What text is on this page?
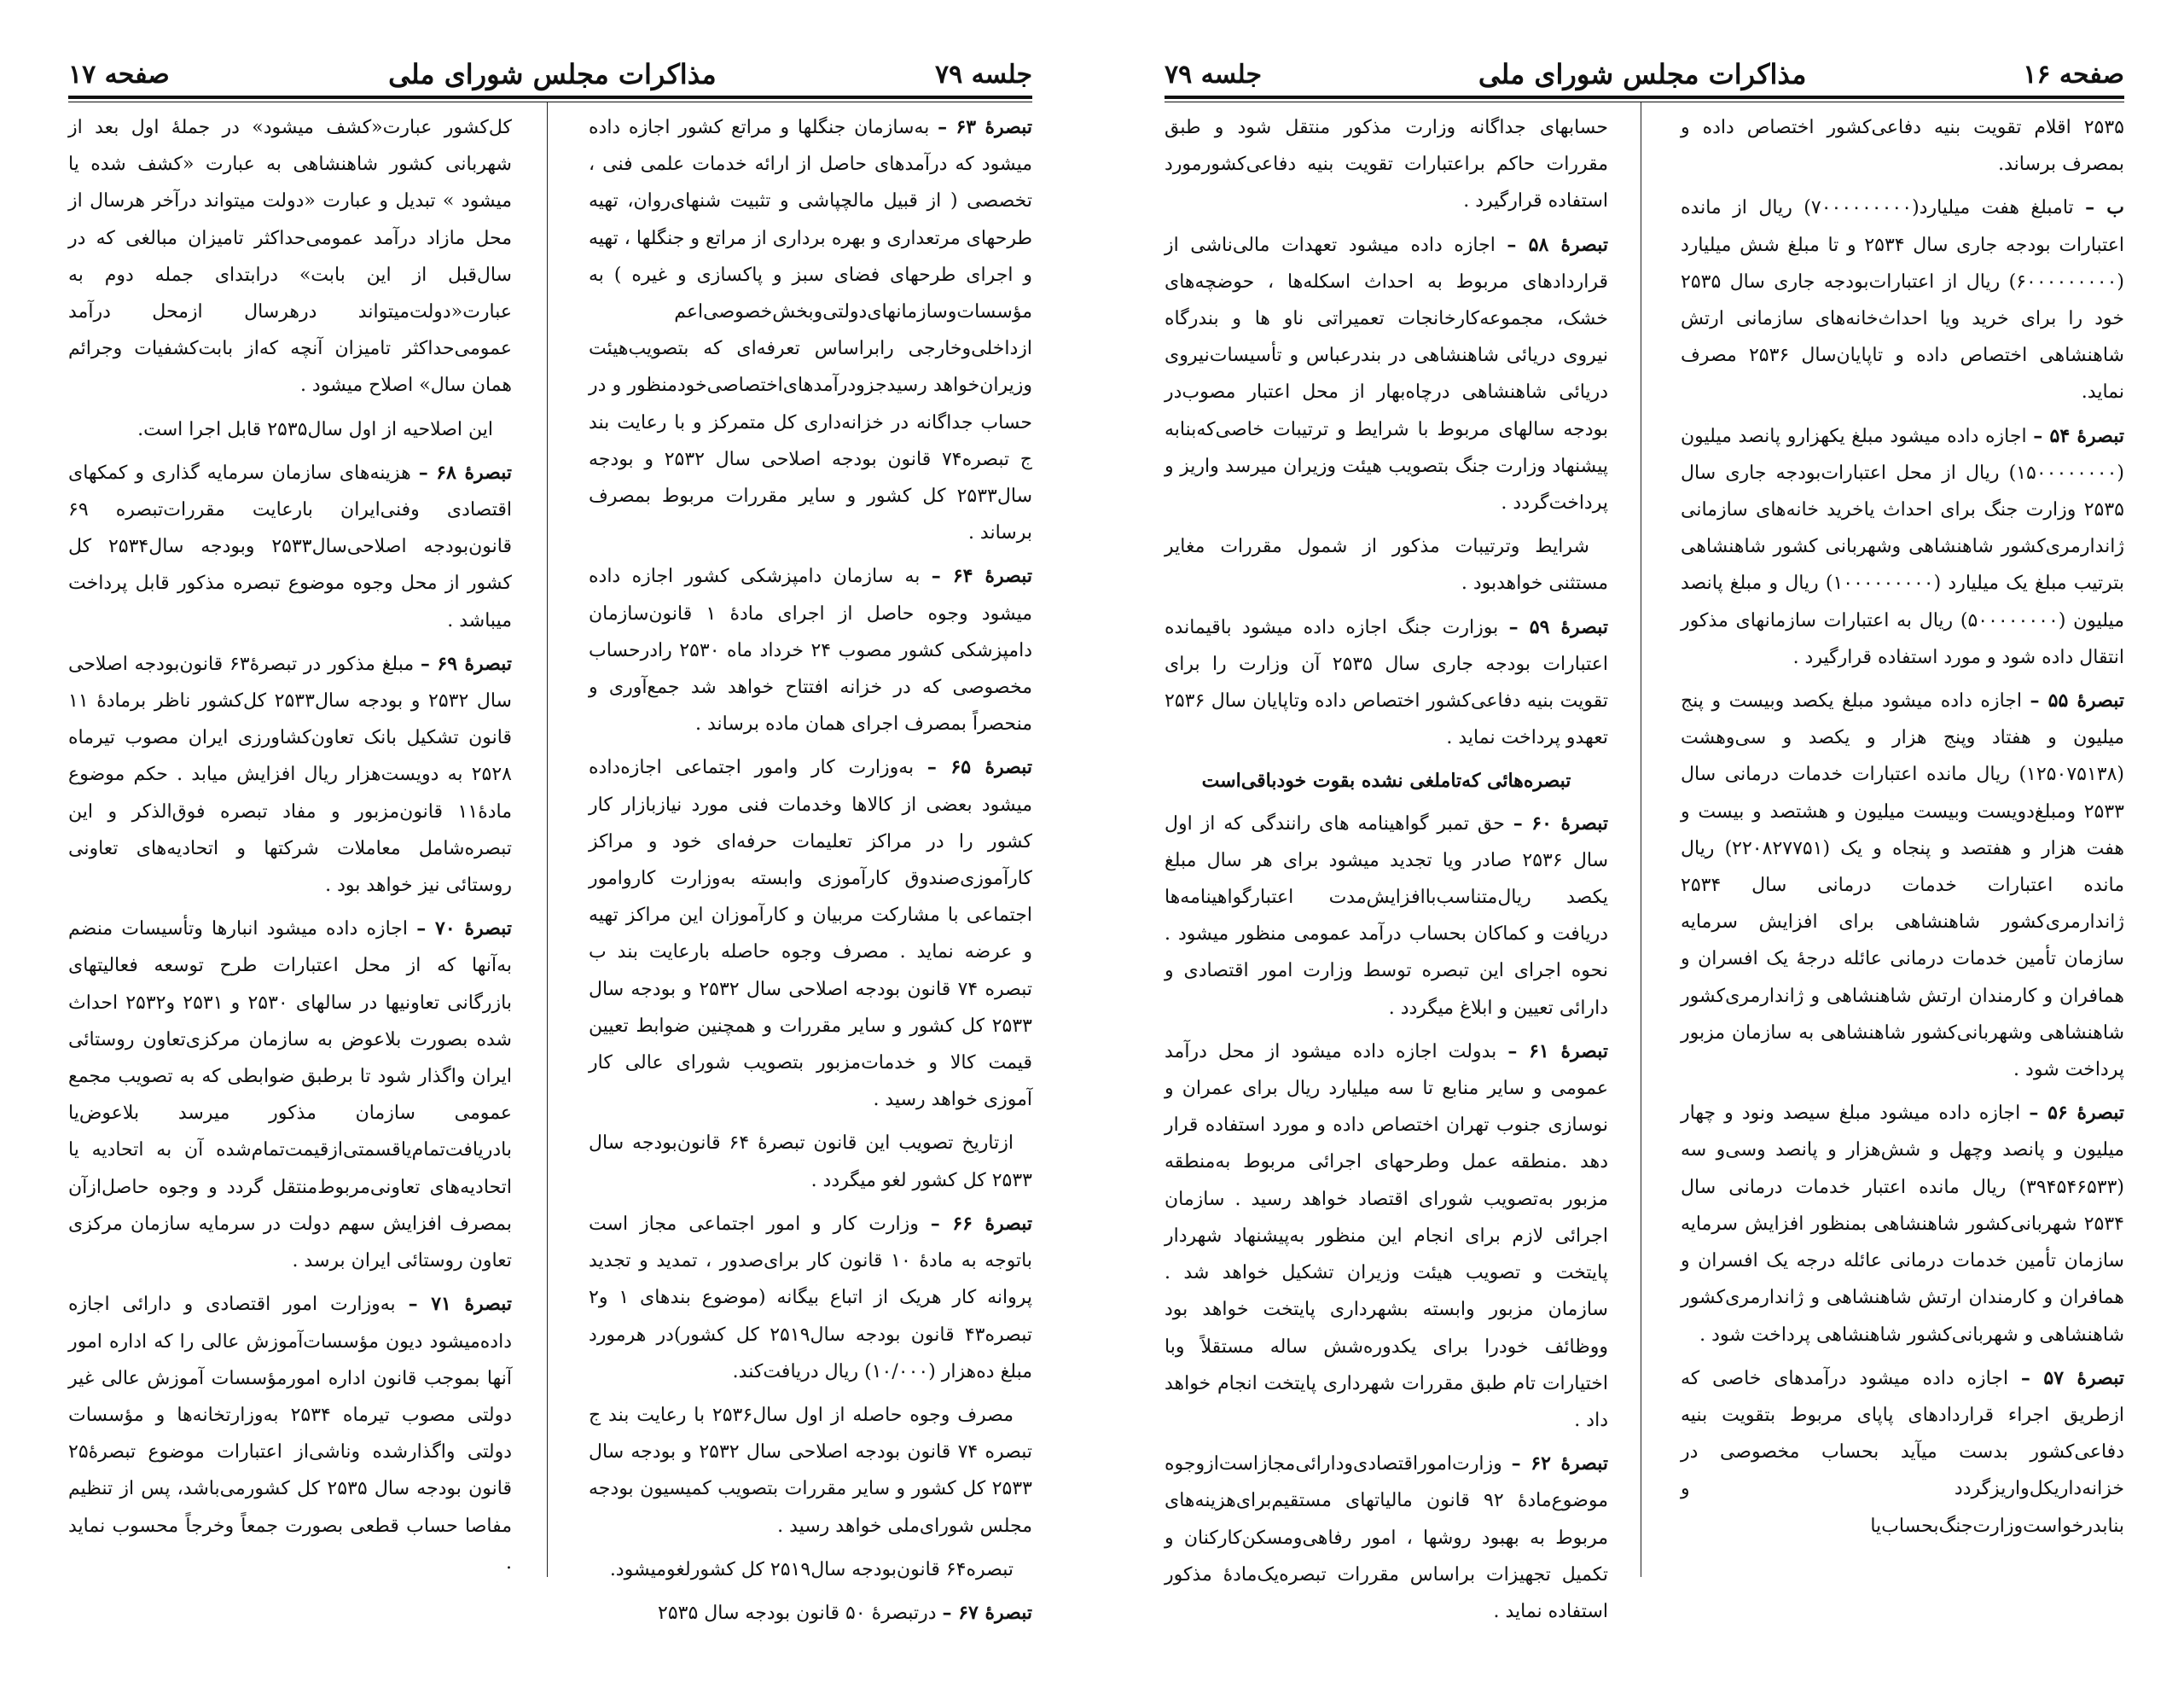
جلسه ۷۹
مذاکرات مجلس شورای ملی
صفحه ۱۷

تبصرهٔ ۶۳ – به‌سازمان جنگلها و مراتع کشور اجازه داده میشود که درآمدهای حاصل از ارائه خدمات علمی فنی ، تخصصی ( از قبیل مالچپاشی و تثبیت شنهای‌روان، تهیه طرحهای مرتعداری و بهره برداری از مراتع و جنگلها ، تهیه و اجرای طرحهای فضای سبز و پاکسازی و غیره ) به مؤسسات‌وسازمانهای‌دولتی‌وبخش‌خصوصی‌اعم ازداخلی‌وخارجی رابراساس تعرفه‌ای که بتصویب‌هیئت وزیران‌خواهد رسیدجزودرآمدهای‌اختصاصی‌خودمنظور و در حساب جداگانه در خزانه‌داری کل متمرکز و با رعایت بند ج تبصره۷۴ قانون بودجه اصلاحی سال ۲۵۳۲ و بودجه سال۲۵۳۳ کل کشور و سایر مقررات مربوط بمصرف برساند .

تبصرهٔ ۶۴ – به سازمان دامپزشکی کشور اجازه داده میشود وجوه حاصل از اجرای مادهٔ ۱ قانون‌سازمان دامپزشکی کشور مصوب ۲۴ خرداد ماه ۲۵۳۰ رادرحساب مخصوصی که در خزانه افتتاح خواهد شد جمع‌آوری و منحصراً بمصرف اجرای همان ماده برساند .

تبصرهٔ ۶۵ – به‌وزارت کار وامور اجتماعی اجازه‌داده میشود بعضی از کالاها وخدمات فنی مورد نیازبازار کار کشور را در مراکز تعلیمات حرفه‌ای خود و مراکز کارآموزی‌صندوق کارآموزی وابسته به‌وزارت کاروامور اجتماعی با مشارکت مربیان و کارآموزان این مراکز تهیه و عرضه نماید . مصرف وجوه حاصله بارعایت بند ب تبصره ۷۴ قانون بودجه اصلاحی سال ۲۵۳۲ و بودجه سال ۲۵۳۳ کل کشور و سایر مقررات و همچنین ضوابط تعیین قیمت کالا و خدمات‌مزبور بتصویب شورای عالی کار آموزی خواهد رسید .

ازتاریخ تصویب این قانون تبصرهٔ ۶۴ قانون‌بودجه سال ۲۵۳۳ کل کشور لغو میگردد .

تبصرهٔ ۶۶ – وزارت کار و امور اجتماعی مجاز است باتوجه به مادهٔ ۱۰ قانون کار برای‌صدور ، تمدید و تجدید پروانه کار هریک از اتباع بیگانه (موضوع بندهای ۱ و۲ تبصره۴۳ قانون بودجه سال۲۵۱۹ کل کشور)در هرمورد مبلغ ده‌هزار (۱۰/۰۰۰) ریال دریافت‌کند.

مصرف وجوه حاصله از اول سال۲۵۳۶ با رعایت بند ج تبصره ۷۴ قانون بودجه اصلاحی سال ۲۵۳۲ و بودجه سال ۲۵۳۳ کل کشور و سایر مقررات بتصویب کمیسیون بودجه مجلس شورای‌ملی خواهد رسید .

تبصره۶۴ قانون‌بودجه سال۲۵۱۹ کل کشورلغومیشود.

تبصرهٔ ۶۷ – درتبصرهٔ ۵۰ قانون بودجه سال ۲۵۳۵

کل‌کشور عبارت«کشف میشود» در جملهٔ اول بعد از شهربانی کشور شاهنشاهی به عبارت «کشف شده یا میشود » تبدیل و عبارت «دولت میتواند درآخر هرسال از محل مازاد درآمد عمومی‌حداکثر تامیزان مبالغی که در سال‌قبل از این بابت» درابتدای جمله دوم به عبارت«دولت‌میتواند درهرسال ازمحل درآمد عمومی‌حداکثر تامیزان آنچه که‌از بابت‌کشفیات وجرائم همان سال» اصلاح میشود .

این اصلاحیه از اول سال۲۵۳۵ قابل اجرا است.

تبصرهٔ ۶۸ – هزینه‌های سازمان سرمایه گذاری و کمکهای اقتصادی وفنی‌ایران بارعایت مقررات‌تبصره ۶۹ قانون‌بودجه اصلاحی‌سال۲۵۳۳ وبودجه سال۲۵۳۴ کل کشور از محل وجوه موضوع تبصره مذکور قابل پرداخت میباشد .

تبصرهٔ ۶۹ – مبلغ مذکور در تبصرهٔ۶۳ قانون‌بودجه اصلاحی سال ۲۵۳۲ و بودجه سال۲۵۳۳ کل‌کشور ناظر برمادهٔ ۱۱ قانون تشکیل بانک تعاون‌کشاورزی ایران مصوب تیرماه ۲۵۲۸ به دویست‌هزار ریال افزایش میابد . حکم موضوع مادهٔ۱۱ قانون‌مزبور و مفاد تبصره فوق‌الذکر و این تبصره‌شامل معاملات شرکتها و اتحادیه‌های تعاونی روستائی نیز خواهد بود .

تبصرهٔ ۷۰ – اجازه داده میشود انبارها وتأسیسات منضم به‌آنها که از محل اعتبارات طرح توسعه فعالیتهای بازرگانی تعاونیها در سالهای ۲۵۳۰ و ۲۵۳۱ و۲۵۳۲ احداث شده بصورت بلاعوض به سازمان مرکزی‌تعاون روستائی ایران واگذار شود تا برطبق ضوابطی که به تصویب مجمع عمومی سازمان مذکور میرسد بلاعوض‌یا بادریافت‌تمام‌یاقسمتی‌ازقیمت‌تمام‌شده آن به اتحادیه یا اتحادیه‌های تعاونی‌مربوط‌منتقل گردد و وجوه حاصل‌ازآن بمصرف افزایش سهم دولت در سرمایه سازمان مرکزی تعاون روستائی ایران برسد .

تبصرهٔ ۷۱ – به‌وزارت امور اقتصادی و دارائی اجازه داده‌میشود دیون مؤسسات‌آموزش عالی را که اداره امور آنها بموجب قانون اداره امورمؤسسات آموزش عالی غیر دولتی مصوب تیرماه ۲۵۳۴ به‌وزارتخانه‌ها و مؤسسات دولتی واگذارشده وناشی‌از اعتبارات موضوع تبصرهٔ۲۵ قانون بودجه سال ۲۵۳۵ کل کشورمی‌باشد، پس از تنظیم مفاصا حساب قطعی بصورت جمعاً وخرجاً محسوب نماید .

صفحه ۱۶
مذاکرات مجلس شورای ملی
جلسه ۷۹

۲۵۳۵ اقلام تقویت بنیه دفاعی‌کشور اختصاص داده و بمصرف برساند.

ب – تامبلغ هفت میلیارد(۷۰۰۰۰۰۰۰۰۰) ریال از مانده اعتبارات بودجه جاری سال ۲۵۳۴ و تا مبلغ شش میلیارد (۶۰۰۰۰۰۰۰۰۰) ریال از اعتبارات‌بودجه جاری سال ۲۵۳۵ خود را برای خرید ویا احداث‌خانه‌های سازمانی ارتش شاهنشاهی اختصاص داده و تاپایان‌سال ۲۵۳۶ مصرف نماید.

تبصرهٔ ۵۴ – اجازه داده میشود مبلغ یکهزارو پانصد میلیون (۱۵۰۰۰۰۰۰۰۰) ریال از محل اعتبارات‌بودجه جاری سال ۲۵۳۵ وزارت جنگ برای احداث یاخرید خانه‌های سازمانی ژاندارمری‌کشور شاهنشاهی وشهربانی کشور شاهنشاهی بترتیب مبلغ یک میلیارد (۱۰۰۰۰۰۰۰۰۰) ریال و مبلغ پانصد میلیون (۵۰۰۰۰۰۰۰۰) ریال به اعتبارات سازمانهای مذکور انتقال داده شود و مورد استفاده قرارگیرد .

تبصرهٔ ۵۵ – اجازه داده میشود مبلغ یکصد وبیست و پنج میلیون و هفتاد وپنج هزار و یکصد و سی‌وهشت (۱۲۵۰۷۵۱۳۸) ریال مانده اعتبارات خدمات درمانی سال ۲۵۳۳ ومبلغ‌دویست وبیست میلیون و هشتصد و بیست و هفت هزار و هفتصد و پنجاه و یک (۲۲۰۸۲۷۷۵۱) ریال مانده اعتبارات خدمات درمانی سال ۲۵۳۴ ژاندارمری‌کشور شاهنشاهی برای افزایش سرمایه سازمان تأمین خدمات درمانی عائله درجهٔ یک افسران و همافران و کارمندان ارتش شاهنشاهی و ژاندارمری‌کشور شاهنشاهی وشهربانی‌کشور شاهنشاهی به سازمان مزبور پرداخت شود .

تبصرهٔ ۵۶ – اجازه داده میشود مبلغ سیصد ونود و چهار میلیون و پانصد وچهل و شش‌هزار و پانصد وسی‌و سه (۳۹۴۵۴۶۵۳۳) ریال مانده اعتبار خدمات درمانی سال ۲۵۳۴ شهربانی‌کشور شاهنشاهی بمنظور افزایش سرمایه سازمان تأمین خدمات درمانی عائله درجه یک افسران و همافران و کارمندان ارتش شاهنشاهی و ژاندارمری‌کشور شاهنشاهی و شهربانی‌کشور شاهنشاهی پرداخت شود .

تبصرهٔ ۵۷ – اجازه داده میشود درآمدهای خاصی که ازطریق اجراء قراردادهای پاپای مربوط بتقویت بنیه دفاعی‌کشور بدست میآید بحساب مخصوصی در خزانه‌داریکل‌واریزگردد و بنابدرخواست‌وزارت‌جنگ‌بحساب‌یا

حسابهای جداگانه وزارت مذکور منتقل شود و طبق مقررات حاکم براعتبارات تقویت بنیه دفاعی‌کشورمورد استفاده قرارگیرد .

تبصرهٔ ۵۸ – اجازه داده میشود تعهدات مالی‌ناشی از قراردادهای مربوط به احداث اسکله‌ها ، حوضچه‌های خشک، مجموعه‌کارخانجات تعمیراتی ناو ها و بندرگاه نیروی دریائی شاهنشاهی در بندرعباس و تأسیسات‌نیروی دریائی شاهنشاهی درچاه‌بهار از محل اعتبار مصوب‌در بودجه سالهای مربوط با شرایط و ترتیبات خاصی‌که‌بنابه پیشنهاد وزارت جنگ بتصویب هیئت وزیران میرسد واریز و پرداخت‌گردد .

شرایط وترتیبات مذکور از شمول مقررات مغایر مستثنی خواهدبود .

تبصرهٔ ۵۹ – بوزارت جنگ اجازه داده میشود باقیمانده اعتبارات بودجه جاری سال ۲۵۳۵ آن وزارت را برای تقویت بنیه دفاعی‌کشور اختصاص داده وتاپایان سال ۲۵۳۶ تعهدو پرداخت نماید .

تبصره‌هائی که‌تاملغی نشده بقوت خودباقی‌است

تبصرهٔ ۶۰ – حق تمبر گواهینامه های رانندگی که از اول سال ۲۵۳۶ صادر ویا تجدید میشود برای هر سال مبلغ یکصد ریال‌متناسب‌باافزایش‌مدت اعتبارگواهینامه‌ها دریافت و کماکان بحساب درآمد عمومی منظور میشود . نحوه اجرای این تبصره توسط وزارت امور اقتصادی و دارائی تعیین و ابلاغ میگردد .

تبصرهٔ ۶۱ – بدولت اجازه داده میشود از محل درآمد عمومی و سایر منابع تا سه میلیارد ریال برای عمران و نوسازی جنوب تهران اختصاص داده و مورد استفاده قرار دهد .منطقه عمل وطرحهای اجرائی مربوط به‌منطقه مزبور به‌تصویب شورای اقتصاد خواهد رسید . سازمان اجرائی لازم برای انجام این منظور به‌پیشنهاد شهردار پایتخت و تصویب هیئت وزیران تشکیل خواهد شد . سازمان مزبور وابسته بشهرداری پایتخت خواهد بود ووظائف خودرا برای یکدوره‌شش ساله مستقلاً وبا اختیارات تام طبق مقررات شهرداری پایتخت انجام خواهد داد .

تبصرهٔ ۶۲ – وزارت‌اموراقتصادی‌ودارائی‌مجازاست‌ازوجوه موضوع‌مادهٔ ۹۲ قانون مالیاتهای مستقیم‌برای‌هزینه‌های مربوط به بهبود روشها ، امور رفاهی‌ومسکن‌کارکنان و تکمیل تجهیزات براساس مقررات تبصره‌یک‌مادهٔ مذکور استفاده نماید .
